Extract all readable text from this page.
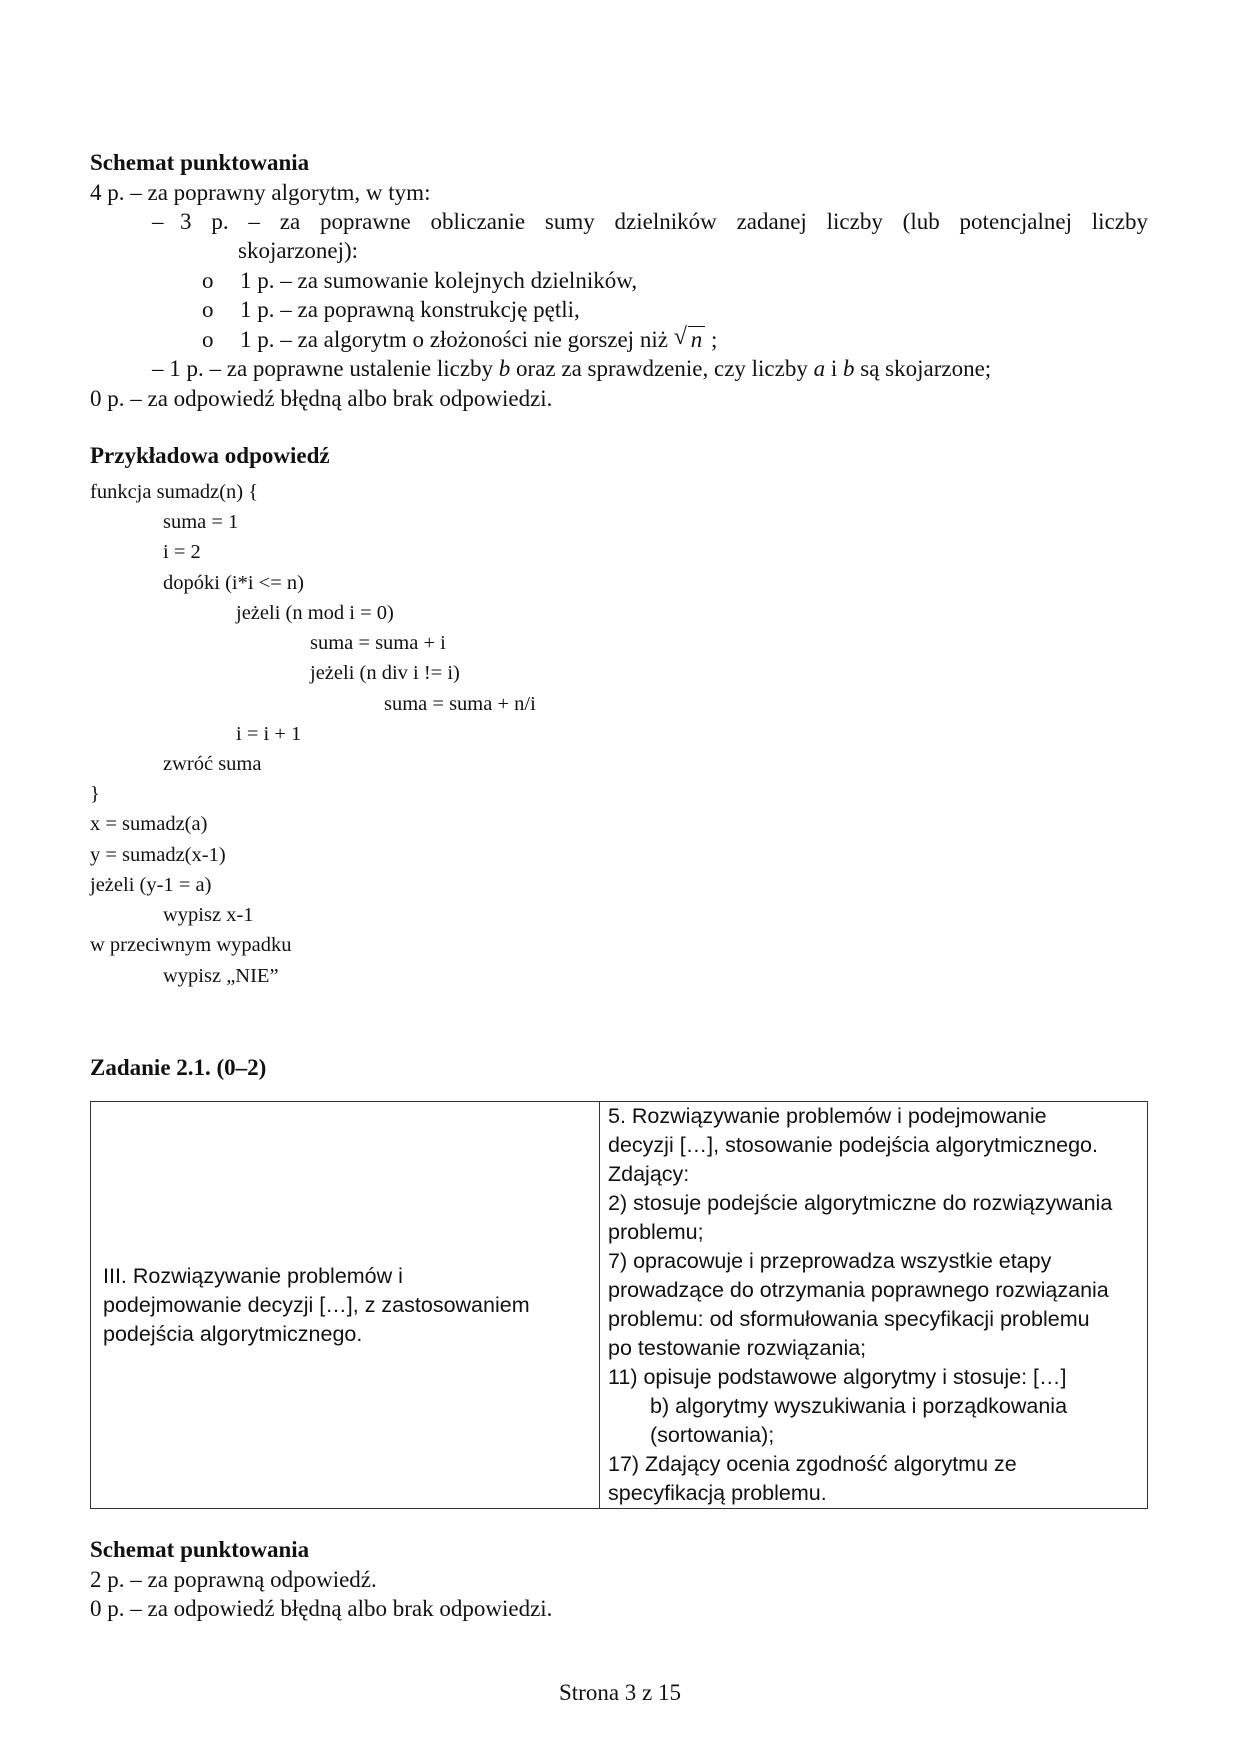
Schemat punktowania
4 p. – za poprawny algorytm, w tym:
– 3 p. – za poprawne obliczanie sumy dzielników zadanej liczby (lub potencjalnej liczby
skojarzonej):
o 1 p. – za sumowanie kolejnych dzielników,
o 1 p. – za poprawną konstrukcję pętli,
o 1 p. – za algorytm o złożoności nie gorszej niż √ n ;
– 1 p. – za poprawne ustalenie liczby b oraz za sprawdzenie, czy liczby a i b są skojarzone;
0 p. – za odpowiedź błędną albo brak odpowiedzi.
Przykładowa odpowiedź
funkcja sumadz(n) {
suma = 1
i = 2
dopóki (i*i <= n)
jeżeli (n mod i = 0)
suma = suma + i
jeżeli (n div i != i)
suma = suma + n/i
i = i + 1
zwróć suma
}
x = sumadz(a)
y = sumadz(x-1)
jeżeli (y-1 = a)
wypisz x-1
w przeciwnym wypadku
wypisz „NIE”
Zadanie 2.1. (0–2)
III. Rozwiązywanie problemów i
podejmowanie decyzji […], z zastosowaniem
podejścia algorytmicznego.

5. Rozwiązywanie problemów i podejmowanie
decyzji […], stosowanie podejścia algorytmicznego.
Zdający:
2) stosuje podejście algorytmiczne do rozwiązywania
problemu;
7) opracowuje i przeprowadza wszystkie etapy
prowadzące do otrzymania poprawnego rozwiązania
problemu: od sformułowania specyfikacji problemu
po testowanie rozwiązania;
11) opisuje podstawowe algorytmy i stosuje: […]
b) algorytmy wyszukiwania i porządkowania
(sortowania);
17) Zdający ocenia zgodność algorytmu ze
specyfikacją problemu.
Schemat punktowania
2 p. – za poprawną odpowiedź.
0 p. – za odpowiedź błędną albo brak odpowiedzi.
Strona 3 z 15
